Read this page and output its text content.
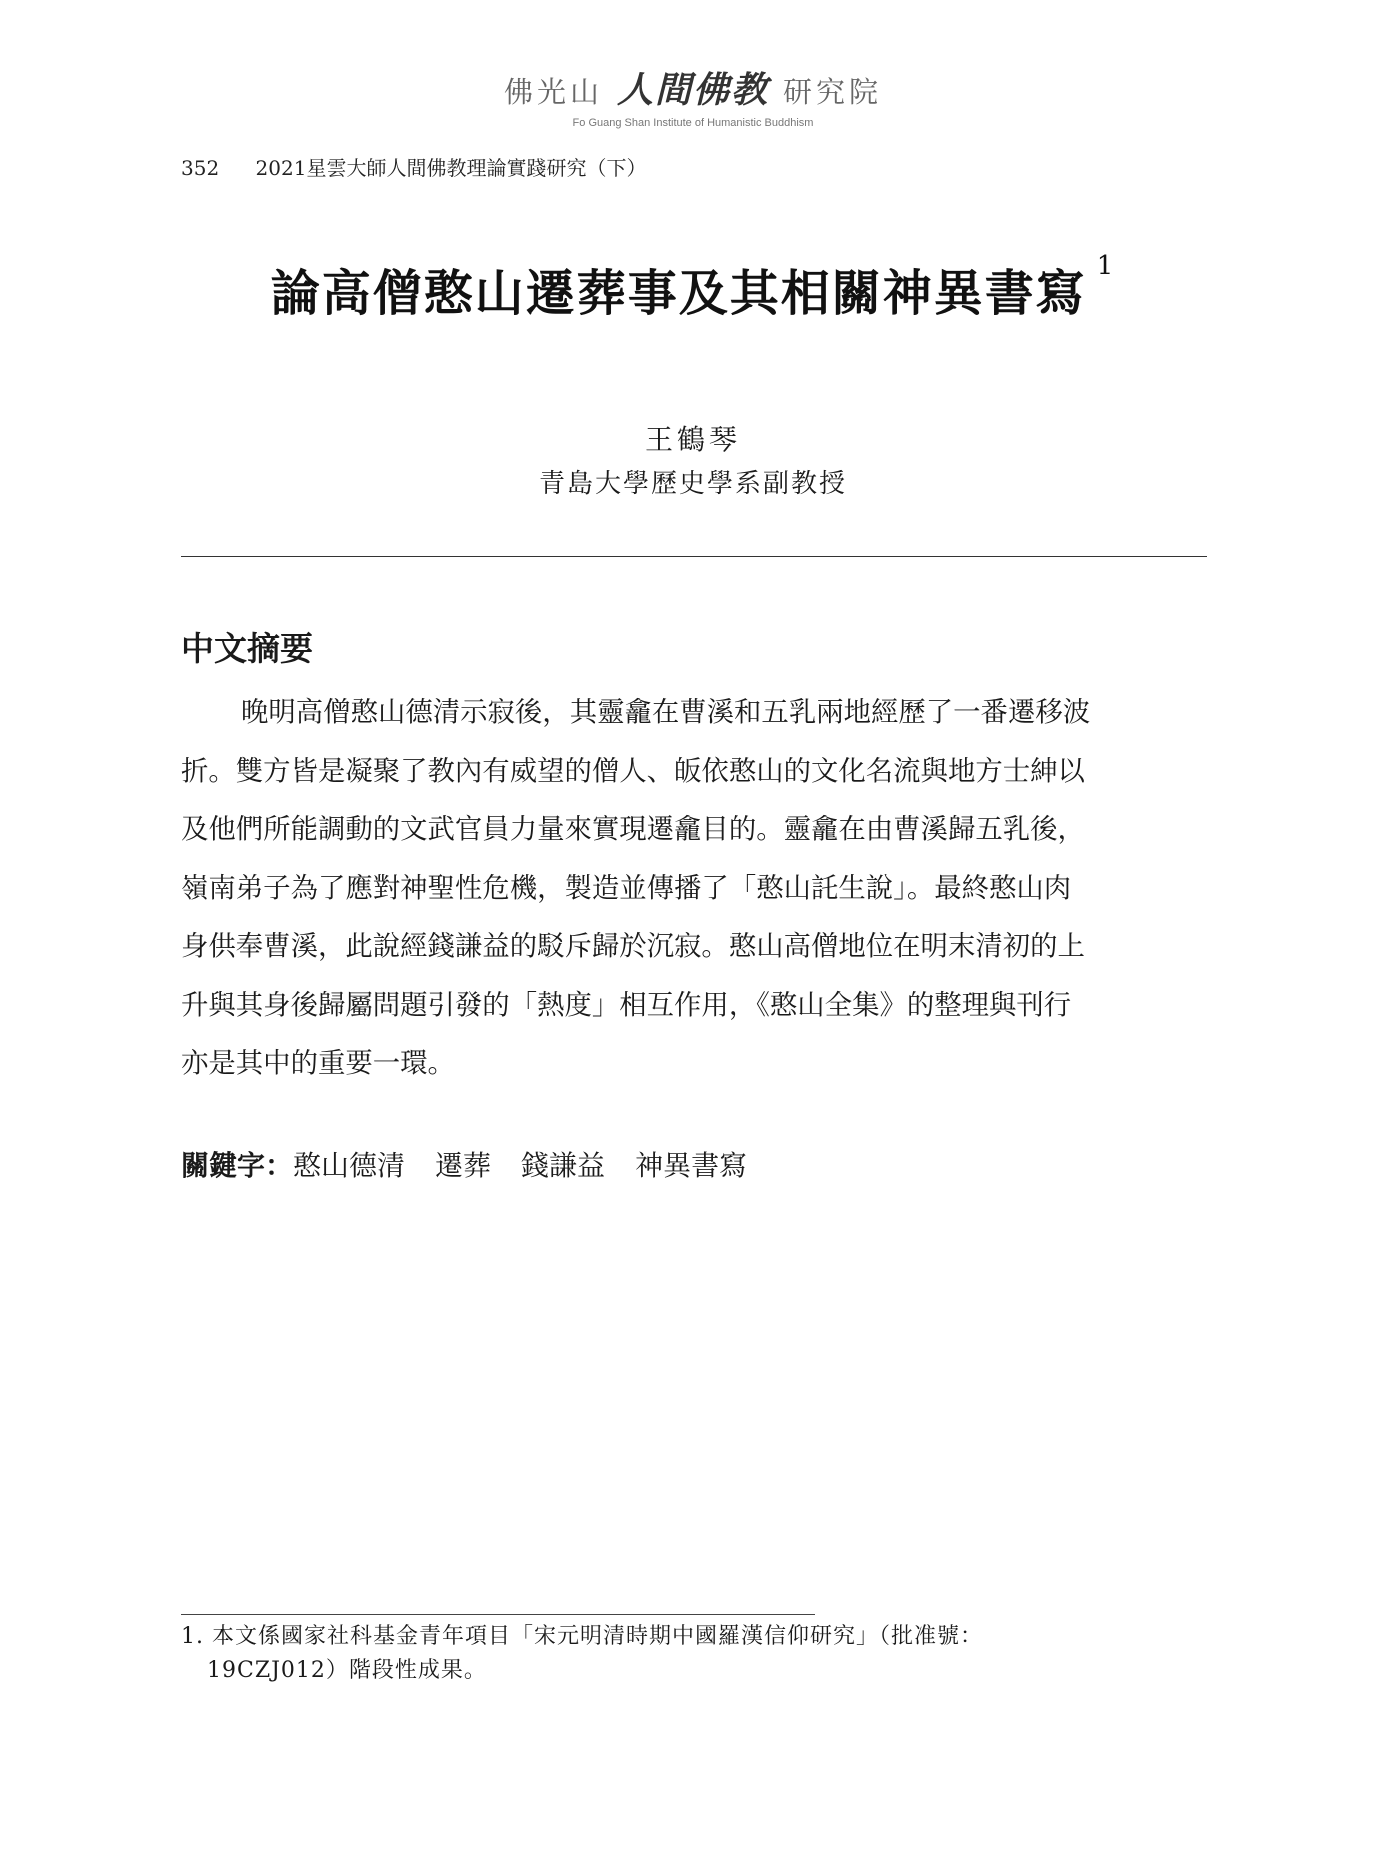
佛光山 人間佛教 研究院
Fo Guang Shan Institute of Humanistic Buddhism
352 2021星雲大師人間佛教理論實踐研究（下）
論高僧憨山遷葬事及其相關神異書寫 $^1$
王鶴琴
青島大學歷史學系副教授
中文摘要
晚明高僧憨山德清示寂後，其靈龕在曹溪和五乳兩地經歷了一番遷移波
折。雙方皆是凝聚了教內有威望的僧人、皈依憨山的文化名流與地方士紳以
及他們所能調動的文武官員力量來實現遷龕目的。靈龕在由曹溪歸五乳後，
嶺南弟子為了應對神聖性危機，製造並傳播了「憨山託生說」。最終憨山肉
身供奉曹溪，此說經錢謙益的駁斥歸於沉寂。憨山高僧地位在明末清初的上
升與其身後歸屬問題引發的「熱度」相互作用，《憨山全集》的整理與刊行
亦是其中的重要一環。
關鍵字：憨山德清 遷葬 錢謙益 神異書寫
1. 本文係國家社科基金青年項目「宋元明清時期中國羅漢信仰研究」（批准號：
19CZJ012）階段性成果。
